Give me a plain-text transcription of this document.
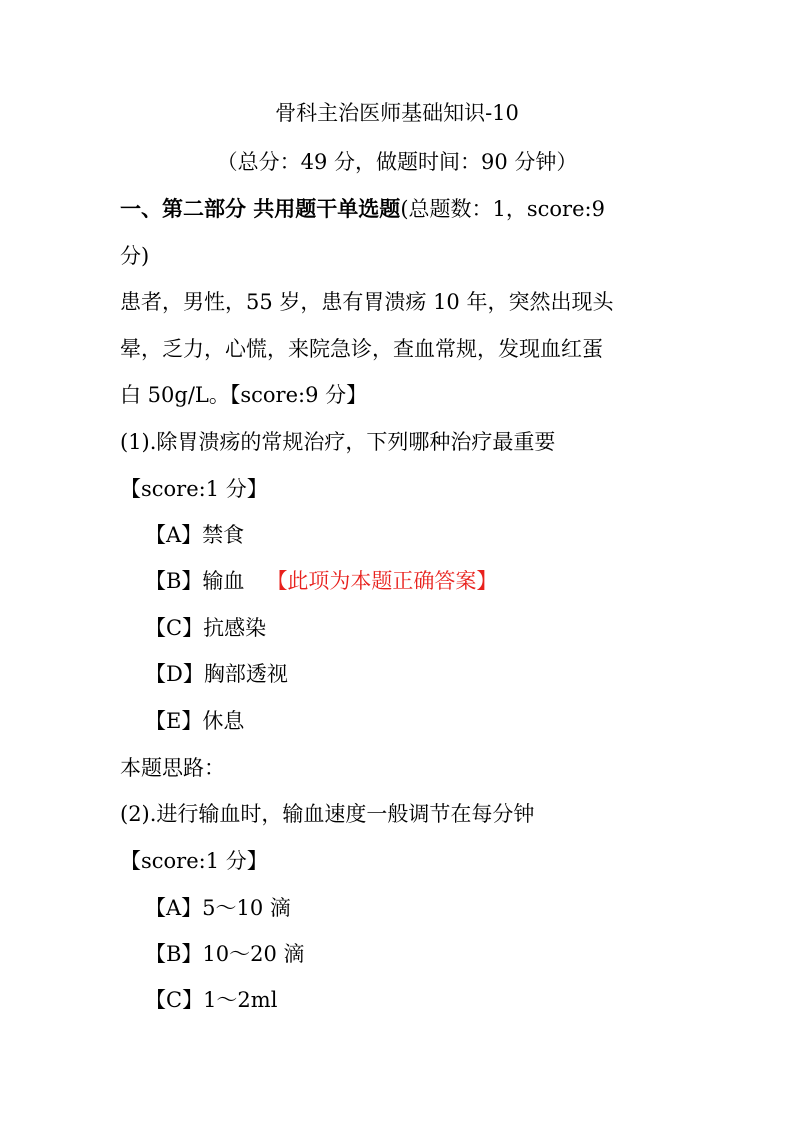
骨科主治医师基础知识-10
（总分：49 分，做题时间：90 分钟）
一、第二部分 共用题干单选题(总题数：1，score:9
分)
患者，男性，55 岁，患有胃溃疡 10 年，突然出现头
晕，乏力，心慌，来院急诊，查血常规，发现血红蛋
白 50g/L。【score:9 分】
(1).除胃溃疡的常规治疗，下列哪种治疗最重要
【score:1 分】
【A】禁食
【B】输血 【此项为本题正确答案】
【C】抗感染
【D】胸部透视
【E】休息
本题思路：
(2).进行输血时，输血速度一般调节在每分钟
【score:1 分】
【A】5～10 滴
【B】10～20 滴
【C】1～2ml
